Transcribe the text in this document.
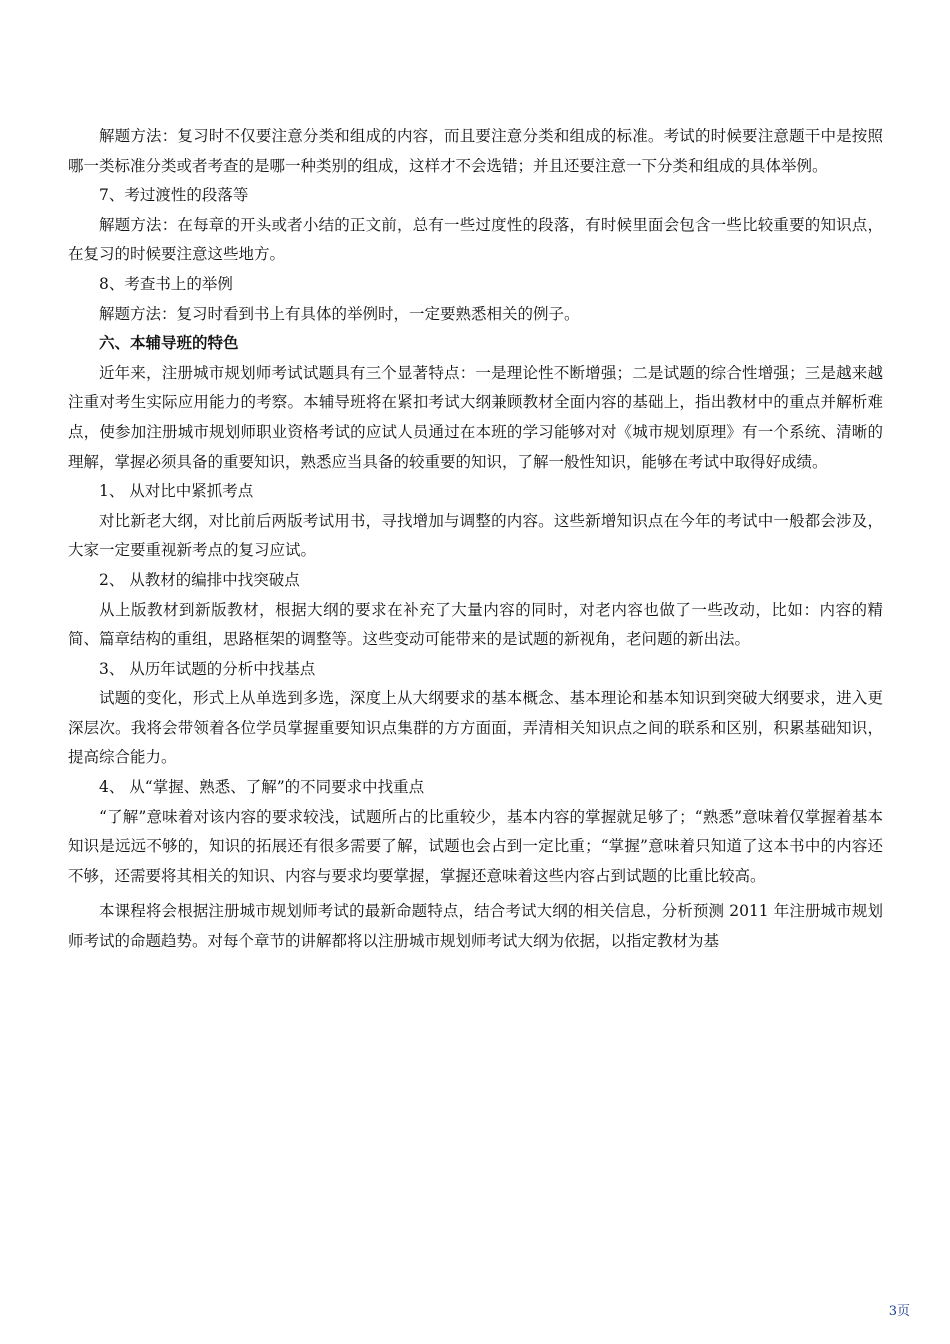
解题方法：复习时不仅要注意分类和组成的内容，而且要注意分类和组成的标准。考试的时候要注意题干中是按照哪一类标准分类或者考查的是哪一种类别的组成，这样才不会选错；并且还要注意一下分类和组成的具体举例。

7、考过渡性的段落等

解题方法：在每章的开头或者小结的正文前，总有一些过度性的段落，有时候里面会包含一些比较重要的知识点，在复习的时候要注意这些地方。

8、考查书上的举例

解题方法：复习时看到书上有具体的举例时，一定要熟悉相关的例子。

六、本辅导班的特色

近年来，注册城市规划师考试试题具有三个显著特点：一是理论性不断增强；二是试题的综合性增强；三是越来越注重对考生实际应用能力的考察。本辅导班将在紧扣考试大纲兼顾教材全面内容的基础上，指出教材中的重点并解析难点，使参加注册城市规划师职业资格考试的应试人员通过在本班的学习能够对对《城市规划原理》有一个系统、清晰的理解，掌握必须具备的重要知识，熟悉应当具备的较重要的知识，了解一般性知识，能够在考试中取得好成绩。

1、 从对比中紧抓考点

对比新老大纲，对比前后两版考试用书，寻找增加与调整的内容。这些新增知识点在今年的考试中一般都会涉及，大家一定要重视新考点的复习应试。

2、 从教材的编排中找突破点

从上版教材到新版教材，根据大纲的要求在补充了大量内容的同时，对老内容也做了一些改动，比如：内容的精简、篇章结构的重组，思路框架的调整等。这些变动可能带来的是试题的新视角，老问题的新出法。

3、 从历年试题的分析中找基点

试题的变化，形式上从单选到多选，深度上从大纲要求的基本概念、基本理论和基本知识到突破大纲要求，进入更深层次。我将会带领着各位学员掌握重要知识点集群的方方面面，弄清相关知识点之间的联系和区别，积累基础知识，提高综合能力。

4、 从“掌握、熟悉、了解”的不同要求中找重点

“了解”意味着对该内容的要求较浅，试题所占的比重较少，基本内容的掌握就足够了；“熟悉”意味着仅掌握着基本知识是远远不够的，知识的拓展还有很多需要了解，试题也会占到一定比重；“掌握”意味着只知道了这本书中的内容还不够，还需要将其相关的知识、内容与要求均要掌握，掌握还意味着这些内容占到试题的比重比较高。

本课程将会根据注册城市规划师考试的最新命题特点，结合考试大纲的相关信息，分析预测 2011 年注册城市规划师考试的命题趋势。对每个章节的讲解都将以注册城市规划师考试大纲为依据，以指定教材为基

3页
